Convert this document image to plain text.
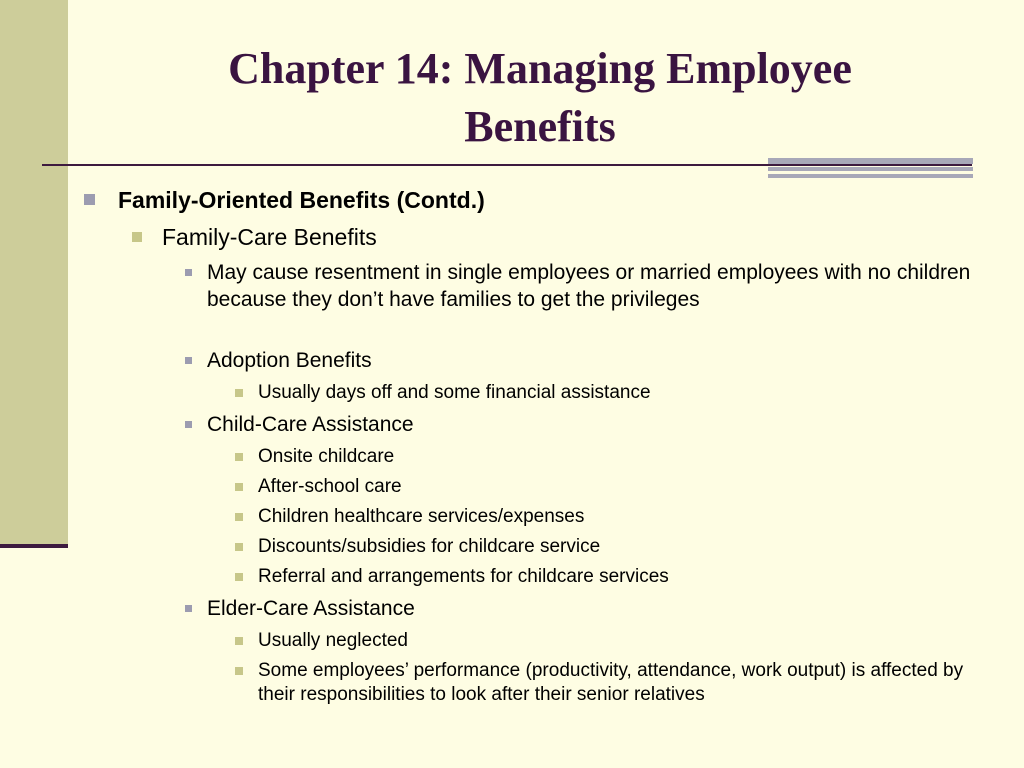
Chapter 14: Managing Employee
Benefits
Family-Oriented Benefits (Contd.)
Family-Care Benefits
May cause resentment in single employees or married employees with no children because they don’t have families to get the privileges
Adoption Benefits
Usually days off and some financial assistance
Child-Care Assistance
Onsite childcare
After-school care
Children healthcare services/expenses
Discounts/subsidies for childcare service
Referral and arrangements for childcare services
Elder-Care Assistance
Usually neglected
Some employees’ performance (productivity, attendance, work output) is affected by their responsibilities to look after their senior relatives
